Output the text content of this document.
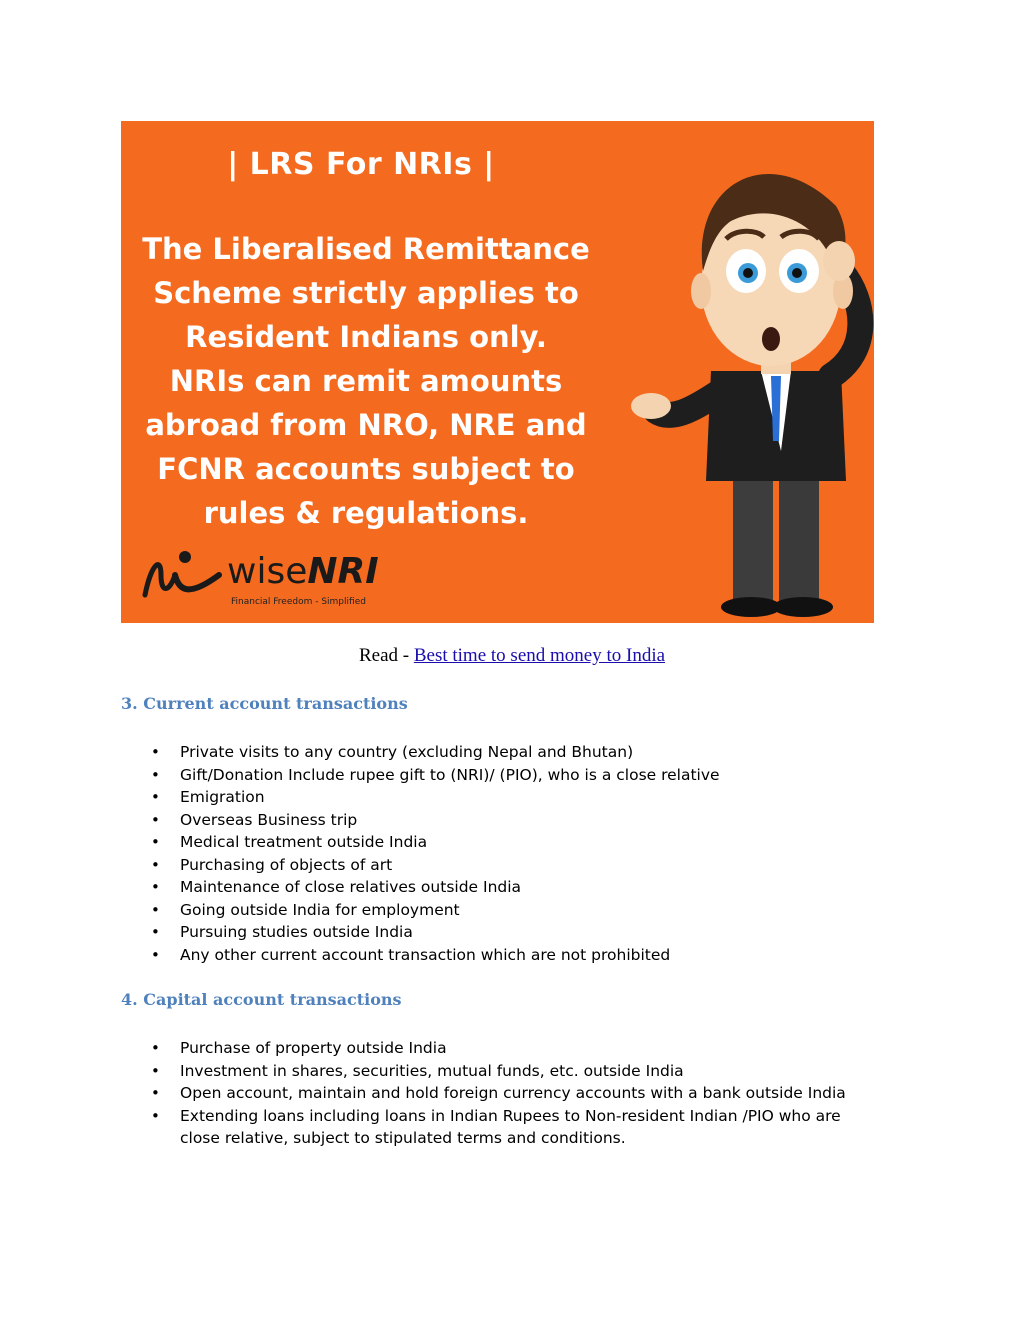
| LRS For NRIs |
The Liberalised Remittance
Scheme strictly applies to
Resident Indians only.
NRIs can remit amounts
abroad from NRO, NRE and
FCNR accounts subject to
rules & regulations.
wiseNRI
Financial Freedom - Simplified
Read - Best time to send money to India
3. Current account transactions
• Private visits to any country (excluding Nepal and Bhutan)
• Gift/Donation Include rupee gift to (NRI)/ (PIO), who is a close relative
• Emigration
• Overseas Business trip
• Medical treatment outside India
• Purchasing of objects of art
• Maintenance of close relatives outside India
• Going outside India for employment
• Pursuing studies outside India
• Any other current account transaction which are not prohibited
4. Capital account transactions
• Purchase of property outside India
• Investment in shares, securities, mutual funds, etc. outside India
• Open account, maintain and hold foreign currency accounts with a bank outside India
• Extending loans including loans in Indian Rupees to Non-resident Indian /PIO who are close relative, subject to stipulated terms and conditions.
